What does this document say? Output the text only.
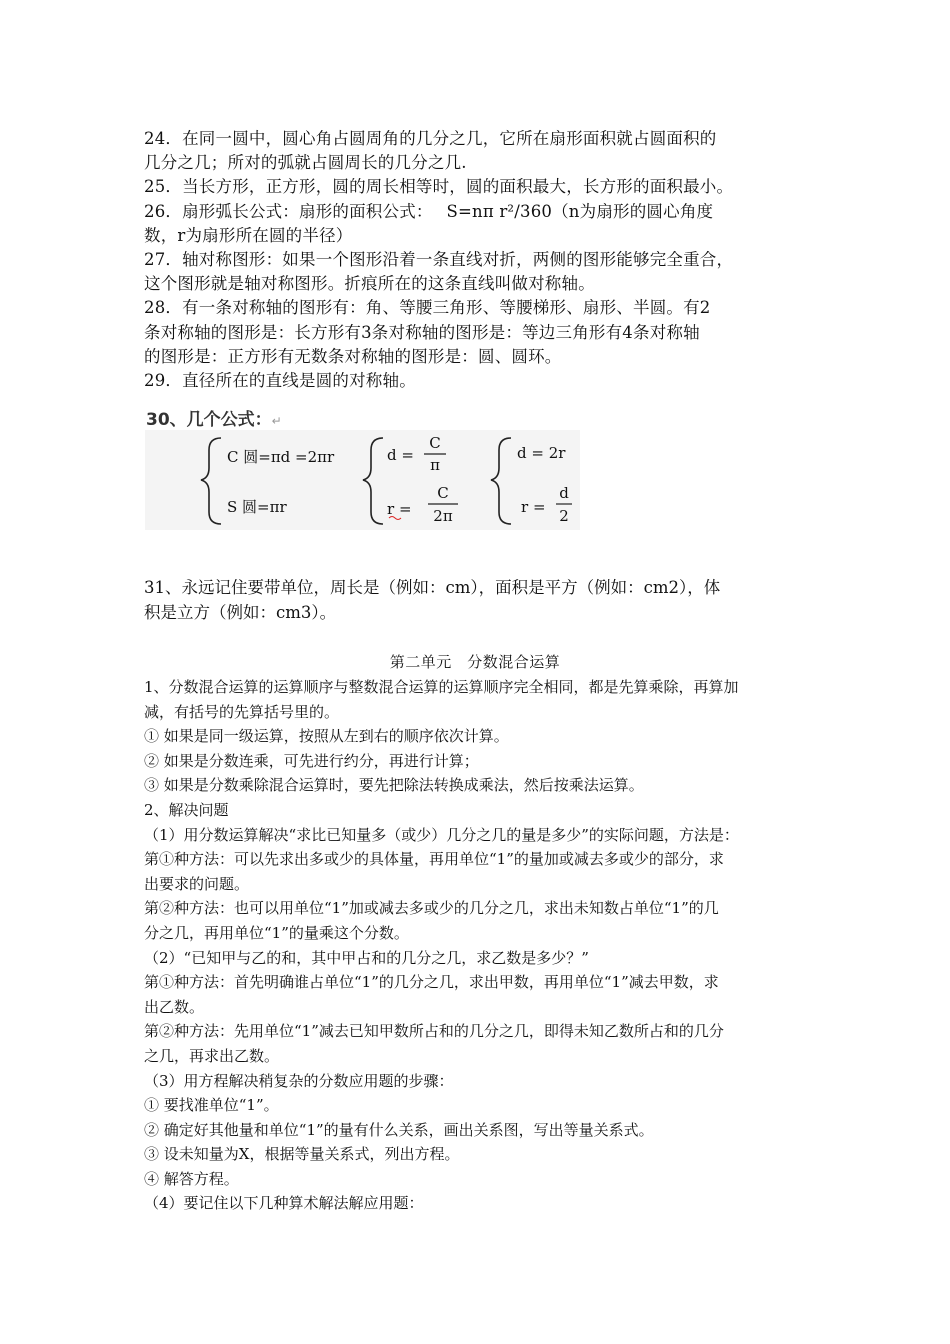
24．在同一圆中，圆心角占圆周角的几分之几，它所在扇形面积就占圆面积的

几分之几；所对的弧就占圆周长的几分之几.

25．当长方形，正方形，圆的周长相等时，圆的面积最大，长方形的面积最小。

26．扇形弧长公式：扇形的面积公式：　 S=nπ r²/360（n为扇形的圆心角度

数，r为扇形所在圆的半径）

27．轴对称图形：如果一个图形沿着一条直线对折，两侧的图形能够完全重合，

这个图形就是轴对称图形。折痕所在的这条直线叫做对称轴。

28．有一条对称轴的图形有：角、等腰三角形、等腰梯形、扇形、半圆。有2

条对称轴的图形是：长方形有3条对称轴的图形是：等边三角形有4条对称轴

的图形是：正方形有无数条对称轴的图形是：圆、圆环。

29．直径所在的直线是圆的对称轴。

30、几个公式：↵
C 圆=πd =2πr
S 圆=πr
d =
C
π
r =
C
2π
d = 2r
r =
d
2

31、永远记住要带单位，周长是（例如：cm），面积是平方（例如：cm2），体

积是立方（例如：cm3）。

第二单元　分数混合运算

1、分数混合运算的运算顺序与整数混合运算的运算顺序完全相同，都是先算乘除，再算加

减，有括号的先算括号里的。

① 如果是同一级运算，按照从左到右的顺序依次计算。

② 如果是分数连乘，可先进行约分，再进行计算；

③ 如果是分数乘除混合运算时，要先把除法转换成乘法，然后按乘法运算。

2、解决问题

（1）用分数运算解决“求比已知量多（或少）几分之几的量是多少”的实际问题，方法是：

第①种方法：可以先求出多或少的具体量，再用单位“1”的量加或减去多或少的部分，求

出要求的问题。

第②种方法：也可以用单位“1”加或减去多或少的几分之几，求出未知数占单位“1”的几

分之几，再用单位“1”的量乘这个分数。

（2）“已知甲与乙的和，其中甲占和的几分之几，求乙数是多少？”

第①种方法：首先明确谁占单位“1”的几分之几，求出甲数，再用单位“1”减去甲数，求

出乙数。

第②种方法：先用单位“1”减去已知甲数所占和的几分之几，即得未知乙数所占和的几分

之几，再求出乙数。

（3）用方程解决稍复杂的分数应用题的步骤：

① 要找准单位“1”。

② 确定好其他量和单位“1”的量有什么关系，画出关系图，写出等量关系式。

③ 设未知量为X，根据等量关系式，列出方程。

④ 解答方程。

（4）要记住以下几种算术解法解应用题：
